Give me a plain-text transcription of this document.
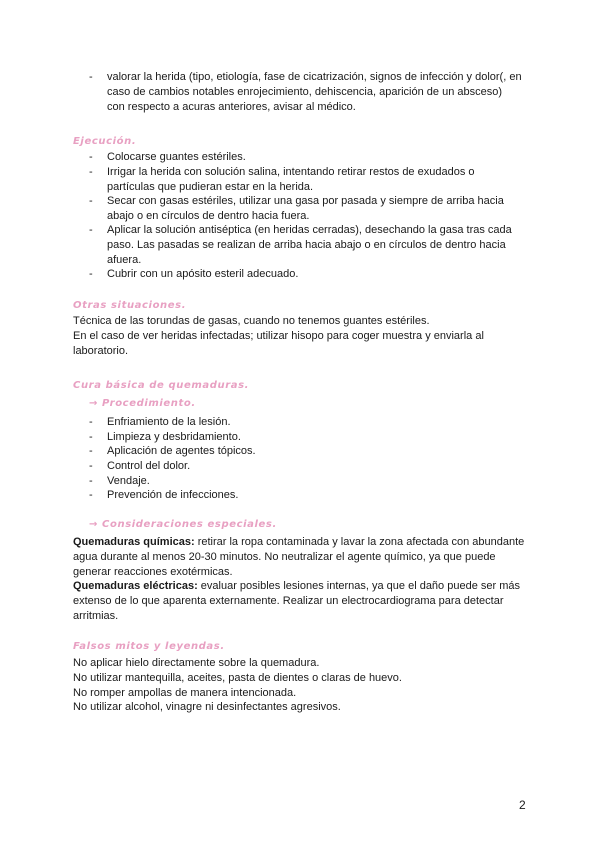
- valorar la herida (tipo, etiología, fase de cicatrización, signos de infección y dolor(, en
caso de cambios notables enrojecimiento, dehiscencia, aparición de un absceso)
con respecto a acuras anteriores, avisar al médico.
Ejecución.
- Colocarse guantes estériles.
- Irrigar la herida con solución salina, intentando retirar restos de exudados o
partículas que pudieran estar en la herida.
- Secar con gasas estériles, utilizar una gasa por pasada y siempre de arriba hacia
abajo o en círculos de dentro hacia fuera.
- Aplicar la solución antiséptica (en heridas cerradas), desechando la gasa tras cada
paso. Las pasadas se realizan de arriba hacia abajo o en círculos de dentro hacia
afuera.
- Cubrir con un apósito esteril adecuado.
Otras situaciones.
Técnica de las torundas de gasas, cuando no tenemos guantes estériles.
En el caso de ver heridas infectadas; utilizar hisopo para coger muestra y enviarla al
laboratorio.
Cura básica de quemaduras.
→ Procedimiento.
- Enfriamiento de la lesión.
- Limpieza y desbridamiento.
- Aplicación de agentes tópicos.
- Control del dolor.
- Vendaje.
- Prevención de infecciones.
→ Consideraciones especiales.
Quemaduras químicas: retirar la ropa contaminada y lavar la zona afectada con abundante
agua durante al menos 20-30 minutos. No neutralizar el agente químico, ya que puede
generar reacciones exotérmicas.
Quemaduras eléctricas: evaluar posibles lesiones internas, ya que el daño puede ser más
extenso de lo que aparenta externamente. Realizar un electrocardiograma para detectar
arritmias.
Falsos mitos y leyendas.
No aplicar hielo directamente sobre la quemadura.
No utilizar mantequilla, aceites, pasta de dientes o claras de huevo.
No romper ampollas de manera intencionada.
No utilizar alcohol, vinagre ni desinfectantes agresivos.
2
